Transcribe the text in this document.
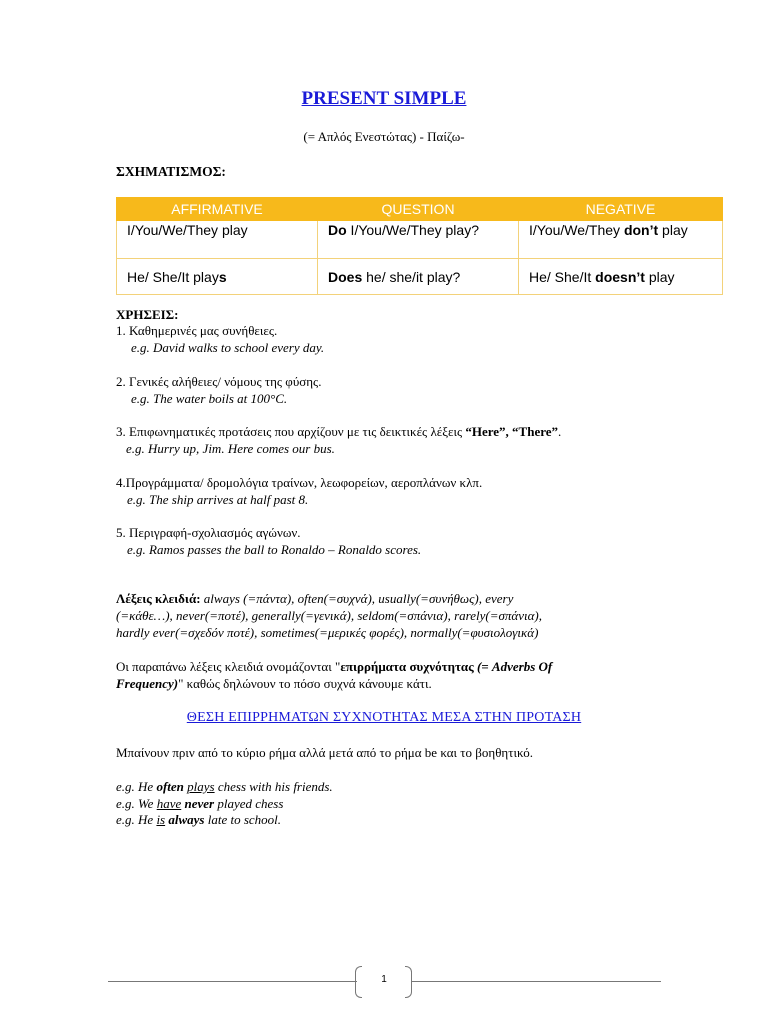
PRESENT SIMPLE
(= Απλός Ενεστώτας) - Παίζω-
ΣΧΗΜΑΤΙΣΜΟΣ:
AFFIRMATIVE	QUESTION	NEGATIVE
I/You/We/They play	Do I/You/We/They play?	I/You/We/They don’t play
He/ She/It plays	Does he/ she/it play?	He/ She/It doesn’t play
ΧΡΗΣΕΙΣ:
1. Καθημερινές μας συνήθειες.
e.g. David walks to school every day.
2. Γενικές αλήθειες/ νόμους της φύσης.
e.g. The water boils at 100°C.
3. Επιφωνηματικές προτάσεις που αρχίζουν με τις δεικτικές λέξεις “Here”, “There”.
e.g. Hurry up, Jim. Here comes our bus.
4.Προγράμματα/ δρομολόγια τραίνων, λεωφορείων, αεροπλάνων κλπ.
e.g. The ship arrives at half past 8.
5. Περιγραφή-σχολιασμός αγώνων.
e.g. Ramos passes the ball to Ronaldo – Ronaldo scores.
Λέξεις κλειδιά: always (=πάντα), often(=συχνά), usually(=συνήθως), every
(=κάθε…), never(=ποτέ), generally(=γενικά), seldom(=σπάνια), rarely(=σπάνια),
hardly ever(=σχεδόν ποτέ), sometimes(=μερικές φορές), normally(=φυσιολογικά)
Οι παραπάνω λέξεις κλειδιά ονομάζονται "επιρρήματα συχνότητας (= Adverbs Of
Frequency)" καθώς δηλώνουν το πόσο συχνά κάνουμε κάτι.
ΘΕΣΗ ΕΠΙΡΡΗΜΑΤΩΝ ΣΥΧΝΟΤΗΤΑΣ ΜΕΣΑ ΣΤΗΝ ΠΡΟΤΑΣΗ
Μπαίνουν πριν από το κύριο ρήμα αλλά μετά από το ρήμα be και το βοηθητικό.
e.g. He often plays chess with his friends.
e.g. We have never played chess
e.g. He is always late to school.
1
